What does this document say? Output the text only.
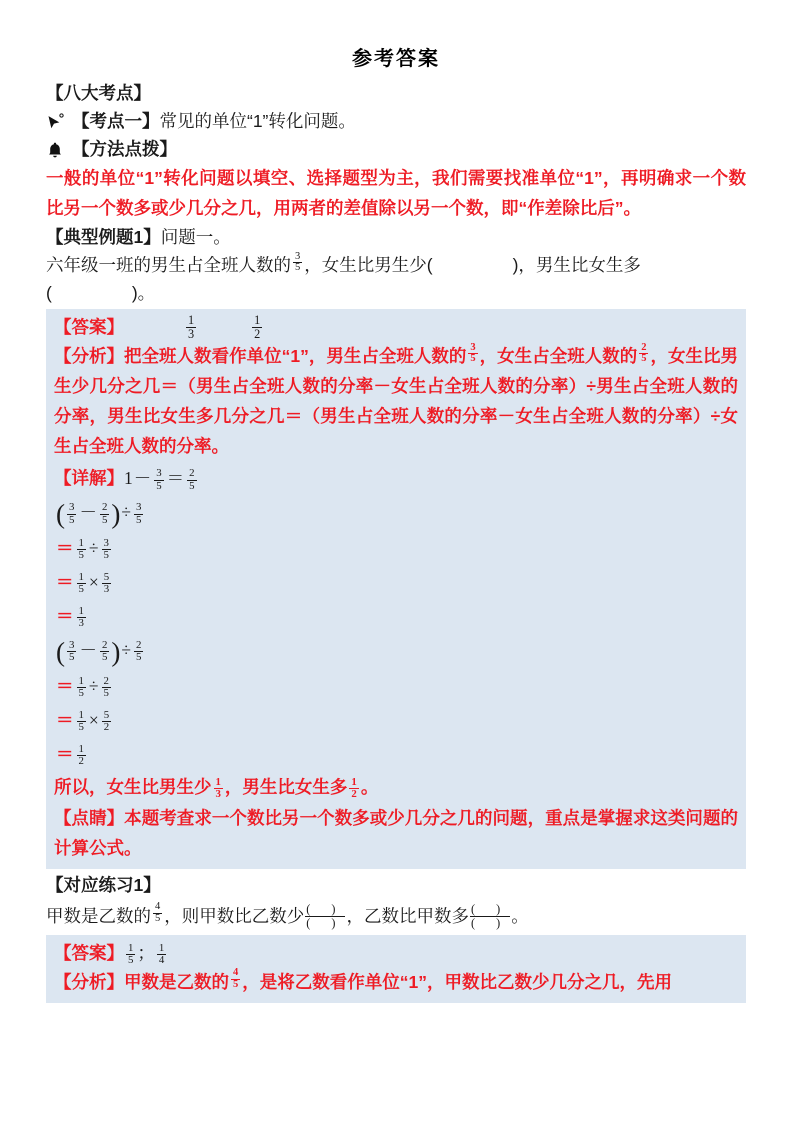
参考答案
【八大考点】
【考点一】常见的单位“1”转化问题。
【方法点拨】
一般的单位“1”转化问题以填空、选择题型为主，我们需要找准单位“1”，再明确求一个数比另一个数多或少几分之几，用两者的差值除以另一个数，即“作差除比后”。
【典型例题1】问题一。
六年级一班的男生占全班人数的 $\frac{3}{5}$ ，女生比男生少(	)，男生比女生多
(	)。
【答案】	$\frac{1}{3}$	$\frac{1}{2}$
【分析】把全班人数看作单位“1”，男生占全班人数的 $\frac{3}{5}$ ，女生占全班人数的 $\frac{2}{5}$ ，女生比男生少几分之几＝（男生占全班人数的分率－女生占全班人数的分率）÷男生占全班人数的分率，男生比女生多几分之几＝（男生占全班人数的分率－女生占全班人数的分率）÷女生占全班人数的分率。
【详解】$1- \frac{3}{5} = \frac{2}{5}$
( $\frac{3}{5} - \frac{2}{5}$ )÷ $\frac{3}{5}$
＝ $\frac{1}{5} \div \frac{3}{5}$
＝ $\frac{1}{5} \times \frac{5}{3}$
＝ $\frac{1}{3}$
( $\frac{3}{5} - \frac{2}{5}$ )÷ $\frac{2}{5}$
＝ $\frac{1}{5} \div \frac{2}{5}$
＝ $\frac{1}{5} \times \frac{5}{2}$
＝ $\frac{1}{2}$
所以，女生比男生少 $\frac{1}{3}$ ，男生比女生多 $\frac{1}{2}$ 。
【点睛】本题考查求一个数比另一个数多或少几分之几的问题，重点是掌握求这类问题的计算公式。
【对应练习1】
甲数是乙数的 $\frac{4}{5}$ ，则甲数比乙数少 $\frac{( )}{( )}$ ，乙数比甲数多 $\frac{( )}{( )}$ 。
【答案】 $\frac{1}{5}$ ； $\frac{1}{4}$
【分析】甲数是乙数的 $\frac{4}{5}$ ，是将乙数看作单位“1”，甲数比乙数少几分之几，先用
